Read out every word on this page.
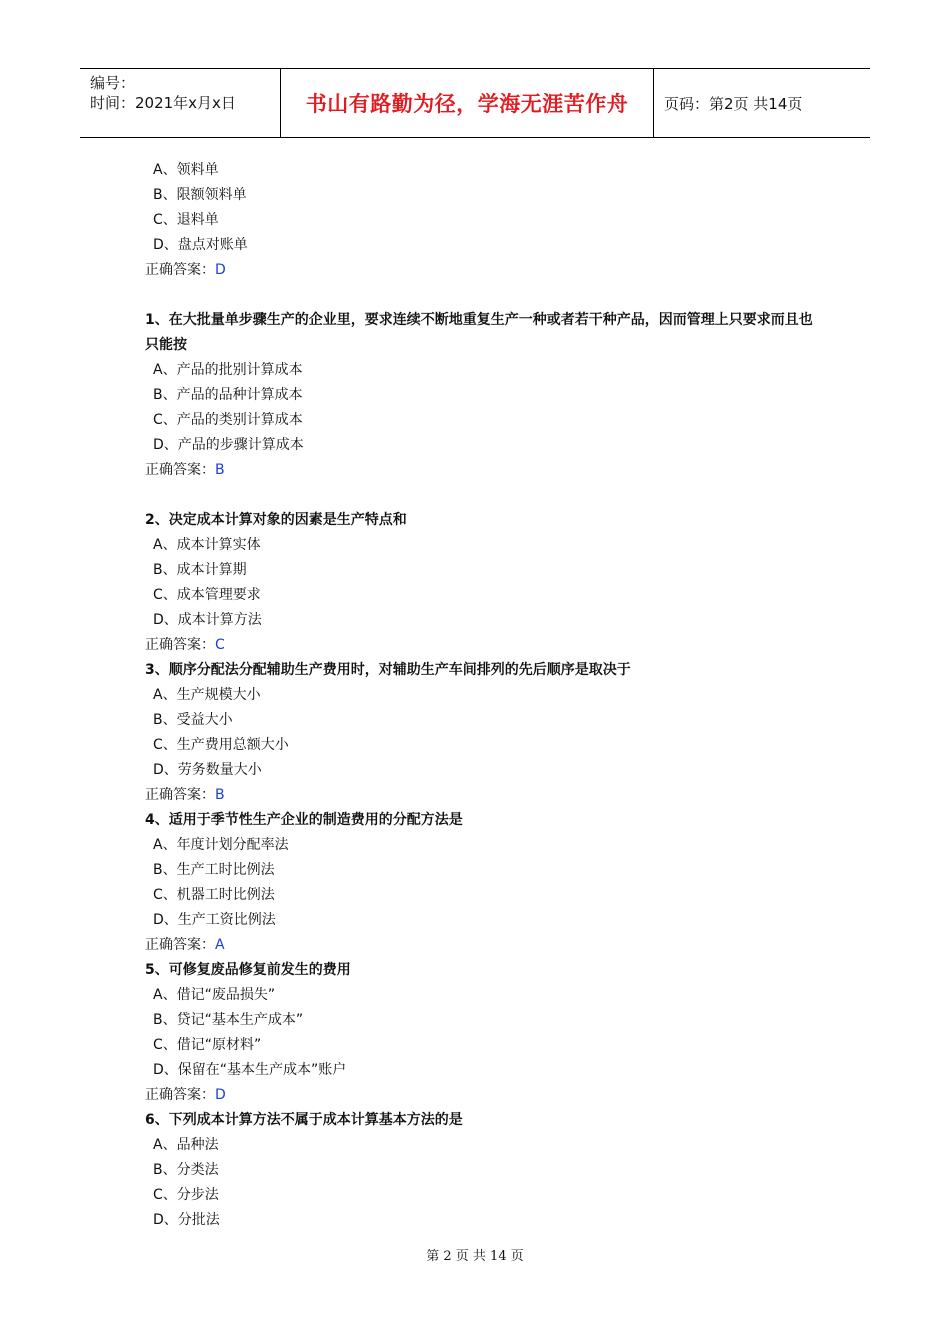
编号：
时间：2021年x月x日	书山有路勤为径，学海无涯苦作舟	页码：第2页 共14页
A、领料单
B、限额领料单
C、退料单
D、盘点对账单
正确答案：D
1、在大批量单步骤生产的企业里，要求连续不断地重复生产一种或者若干种产品，因而管理上只要求而且也只能按
A、产品的批别计算成本
B、产品的品种计算成本
C、产品的类别计算成本
D、产品的步骤计算成本
正确答案：B
2、决定成本计算对象的因素是生产特点和
A、成本计算实体
B、成本计算期
C、成本管理要求
D、成本计算方法
正确答案：C
3、顺序分配法分配辅助生产费用时，对辅助生产车间排列的先后顺序是取决于
A、生产规模大小
B、受益大小
C、生产费用总额大小
D、劳务数量大小
正确答案：B
4、适用于季节性生产企业的制造费用的分配方法是
A、年度计划分配率法
B、生产工时比例法
C、机器工时比例法
D、生产工资比例法
正确答案：A
5、可修复废品修复前发生的费用
A、借记“废品损失”
B、贷记“基本生产成本”
C、借记“原材料”
D、保留在“基本生产成本”账户
正确答案：D
6、下列成本计算方法不属于成本计算基本方法的是
A、品种法
B、分类法
C、分步法
D、分批法
第 2 页 共 14 页
